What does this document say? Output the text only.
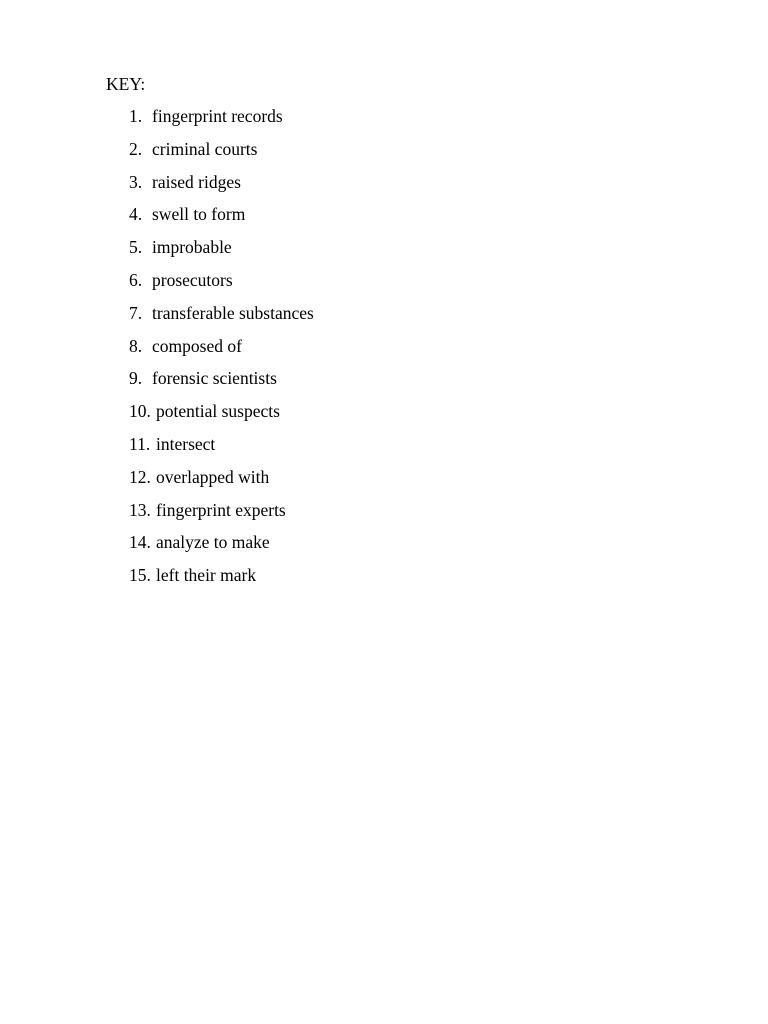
KEY:

1. fingerprint records
2. criminal courts
3. raised ridges
4. swell to form
5. improbable
6. prosecutors
7. transferable substances
8. composed of
9. forensic scientists
10. potential suspects
11. intersect
12. overlapped with
13. fingerprint experts
14. analyze to make
15. left their mark
